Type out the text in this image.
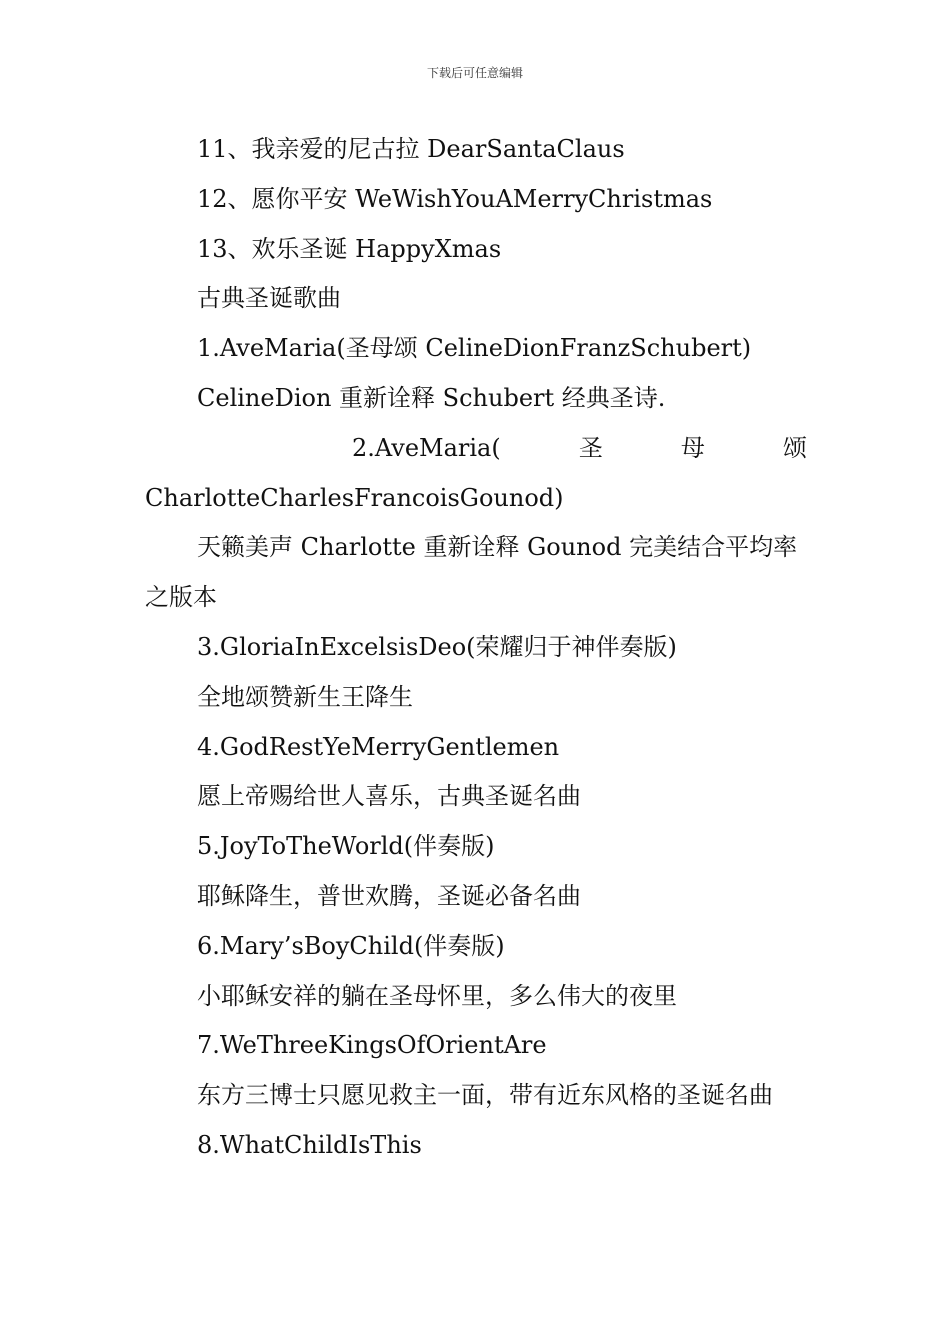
下载后可任意编辑

11、我亲爱的尼古拉 DearSantaClaus

12、愿你平安 WeWishYouAMerryChristmas

13、欢乐圣诞 HappyXmas

古典圣诞歌曲

1.AveMaria(圣母颂 CelineDionFranzSchubert)

CelineDion 重新诠释 Schubert 经典圣诗.

2.AveMaria(	圣	母	颂

CharlotteCharlesFrancoisGounod)

天籁美声 Charlotte 重新诠释 Gounod 完美结合平均率之版本

3.GloriaInExcelsisDeo(荣耀归于神伴奏版)

全地颂赞新生王降生

4.GodRestYeMerryGentlemen

愿上帝赐给世人喜乐，古典圣诞名曲

5.JoyToTheWorld(伴奏版)

耶稣降生，普世欢腾，圣诞必备名曲

6.Mary’sBoyChild(伴奏版)

小耶稣安祥的躺在圣母怀里，多么伟大的夜里

7.WeThreeKingsOfOrientAre

东方三博士只愿见救主一面，带有近东风格的圣诞名曲

8.WhatChildIsThis
